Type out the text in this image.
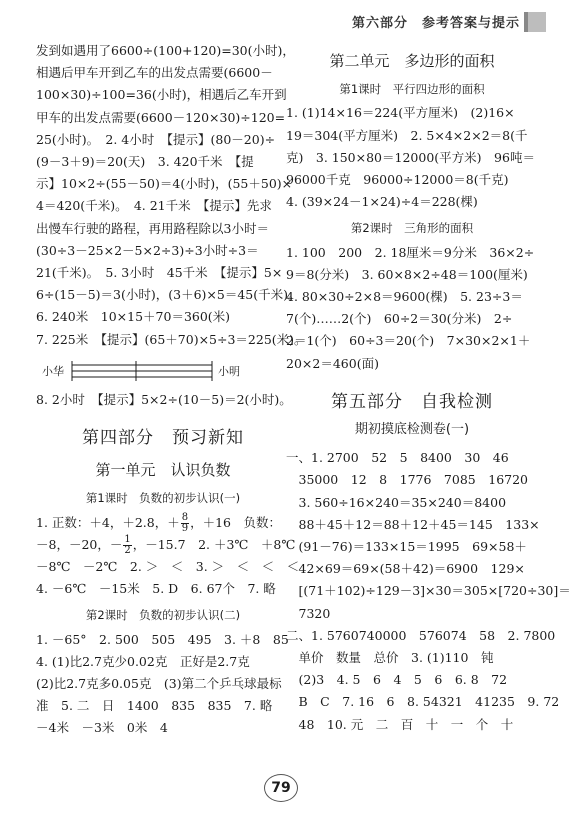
第六部分　参考答案与提示
发到如遇用了6600÷(100+120)=30(小时)，
相遇后甲车开到乙车的出发点需要(6600－
100×30)÷100=36(小时)，相遇后乙车开到
甲车的出发点需要(6600－120×30)÷120=
25(小时)。　2. 4小时　【提示】(80－20)÷
(9－3＋9)＝20(天)　3. 420千米　【提
示】10×2÷(55－50)＝4(小时)，(55＋50)×
4＝420(千米)。　4. 21千米　【提示】先求
出慢车行驶的路程，再用路程除以3小时＝
(30÷3－25×2－5×2÷3)÷3小时÷3＝
21(千米)。　5. 3小时　45千米　【提示】5×
6÷(15－5)＝3(小时)，(3＋6)×5＝45(千米)。
6. 240米　10×15＋70＝360(米)
7. 225米　【提示】(65＋70)×5÷3＝225(米)。
小华	小明
8. 2小时　【提示】5×2÷(10－5)＝2(小时)。
第四部分　预习新知
第一单元　认识负数
第1课时　负数的初步认识(一)
1. 正数：＋4，＋2.8，＋ $\frac{8}{9}$ ，＋16　负数：
－8，－20，－ $\frac{1}{2}$ ，－15.7　2. ＋3℃　＋8℃
－8℃　－2℃　2. ＞　＜　3. ＞　＜　＜　＜
4. －6℃　－15米　5. D　6. 67个　7. 略
第2课时　负数的初步认识(二)
1. －65°　2. 500　505　495　3. ＋8　85
4. (1)比2.7克少0.02克　正好是2.7克
(2)比2.7克多0.05克　(3)第二个乒乓球最标
准　5. 二　日　1400　835　835　7. 略
－4米　－3米　0米　4
第二单元　多边形的面积
第1课时　平行四边形的面积
1. (1)14×16＝224(平方厘米)　(2)16×
19＝304(平方厘米)　2. 5×4×2×2＝8(千
克)　3. 150×80＝12000(平方米)　96吨＝
96000千克　96000÷12000＝8(千克)
4. (39×24－1×24)÷4＝228(棵)
第2课时　三角形的面积
1. 100　200　2. 18厘米＝9分米　36×2÷
9＝8(分米)　3. 60×8×2÷48＝100(厘米)
4. 80×30÷2×8＝9600(棵)　5. 23÷3＝
7(个)……2(个)　60÷2＝30(分米)　2÷
2＝1(个)　60÷3＝20(个)　7×30×2×1＋
20×2＝460(面)
第五部分　自我检测
期初摸底检测卷(一)
一、1. 2700　52　5　8400　30　46
　35000　12　8　1776　7085　16720
　3. 560÷16×240＝35×240＝8400
　88＋45＋12＝88＋12＋45＝145　133×
　(91－76)＝133×15＝1995　69×58＋
　42×69＝69×(58＋42)＝6900　129×
　[(71＋102)÷129－3]×30＝305×[720÷30]＝
　7320
二、1. 5760740000　576074　58　2. 7800
　单价　数量　总价　3. (1)110　钝
　(2)3　4. 5　6　4　5　6　6. 8　72
　B　C　7. 16　6　8. 54321　41235　9. 72
　48　10. 元　二　百　十　一　个　十
79
